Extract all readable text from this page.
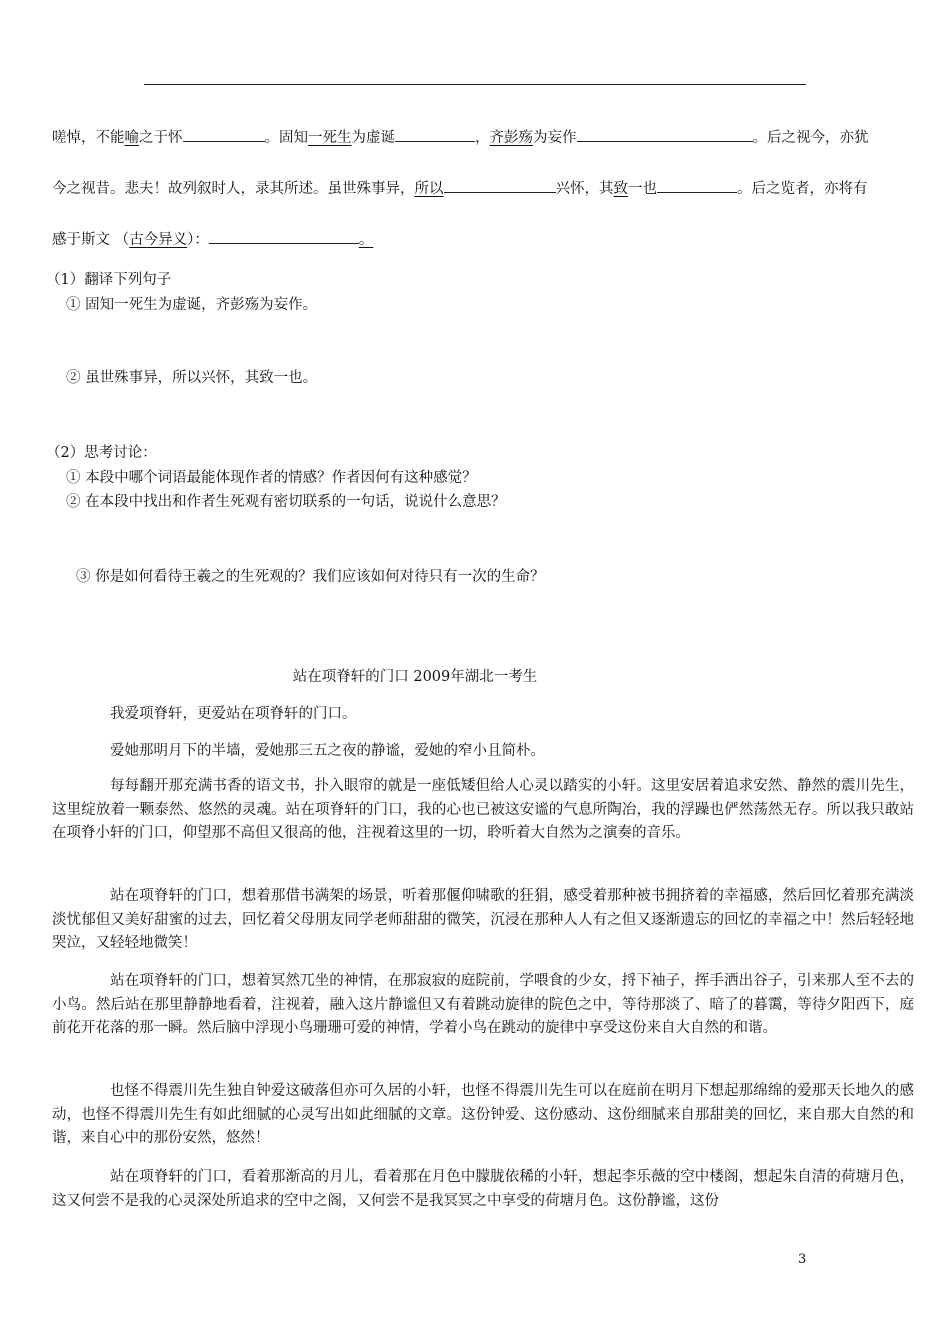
嗟悼，不能喻之于怀	。固知一死生为虚诞	，齐彭殇为妄作	。后之视今，亦犹
今之视昔。悲夫！故列叙时人，录其所述。虽世殊事异，所以	兴怀，其致一也	。后之览者，亦将有
感于斯文 （古今异义）：	。
（1）翻译下列句子
① 固知一死生为虚诞，齐彭殇为妄作。
② 虽世殊事异，所以兴怀，其致一也。
（2）思考讨论：
① 本段中哪个词语最能体现作者的情感？作者因何有这种感觉？
② 在本段中找出和作者生死观有密切联系的一句话，说说什么意思？
③ 你是如何看待王羲之的生死观的？我们应该如何对待只有一次的生命？
站在项脊轩的门口 2009年湖北一考生
我爱项脊轩，更爱站在项脊轩的门口。
爱她那明月下的半墙，爱她那三五之夜的静谧，爱她的窄小且简朴。
每每翻开那充满书香的语文书，扑入眼帘的就是一座低矮但给人心灵以踏实的小轩。这里安居着追求安然、静然的震川先生，这里绽放着一颗泰然、悠然的灵魂。站在项脊轩的门口，我的心也已被这安谧的气息所陶冶，我的浮躁也俨然荡然无存。所以我只敢站在项脊小轩的门口，仰望那不高但又很高的他，注视着这里的一切，聆听着大自然为之演奏的音乐。
站在项脊轩的门口，想着那借书满架的场景，听着那偃仰啸歌的狂狷，感受着那种被书拥挤着的幸福感，然后回忆着那充满淡淡忧郁但又美好甜蜜的过去，回忆着父母朋友同学老师甜甜的微笑，沉浸在那种人人有之但又逐渐遗忘的回忆的幸福之中！然后轻轻地哭泣，又轻轻地微笑！
站在项脊轩的门口，想着冥然兀坐的神情，在那寂寂的庭院前，学喂食的少女，捋下袖子，挥手洒出谷子，引来那人至不去的小鸟。然后站在那里静静地看着，注视着，融入这片静谧但又有着跳动旋律的院色之中，等待那淡了、暗了的暮霭，等待夕阳西下，庭前花开花落的那一瞬。然后脑中浮现小鸟珊珊可爱的神情，学着小鸟在跳动的旋律中享受这份来自大自然的和谐。
也怪不得震川先生独自钟爱这破落但亦可久居的小轩，也怪不得震川先生可以在庭前在明月下想起那绵绵的爱那天长地久的感动，也怪不得震川先生有如此细腻的心灵写出如此细腻的文章。这份钟爱、这份感动、这份细腻来自那甜美的回忆，来自那大自然的和谐，来自心中的那份安然，悠然！
站在项脊轩的门口，看着那渐高的月儿，看着那在月色中朦胧依稀的小轩，想起李乐薇的空中楼阁，想起朱自清的荷塘月色，这又何尝不是我的心灵深处所追求的空中之阁，又何尝不是我冥冥之中享受的荷塘月色。这份静谧，这份
3
